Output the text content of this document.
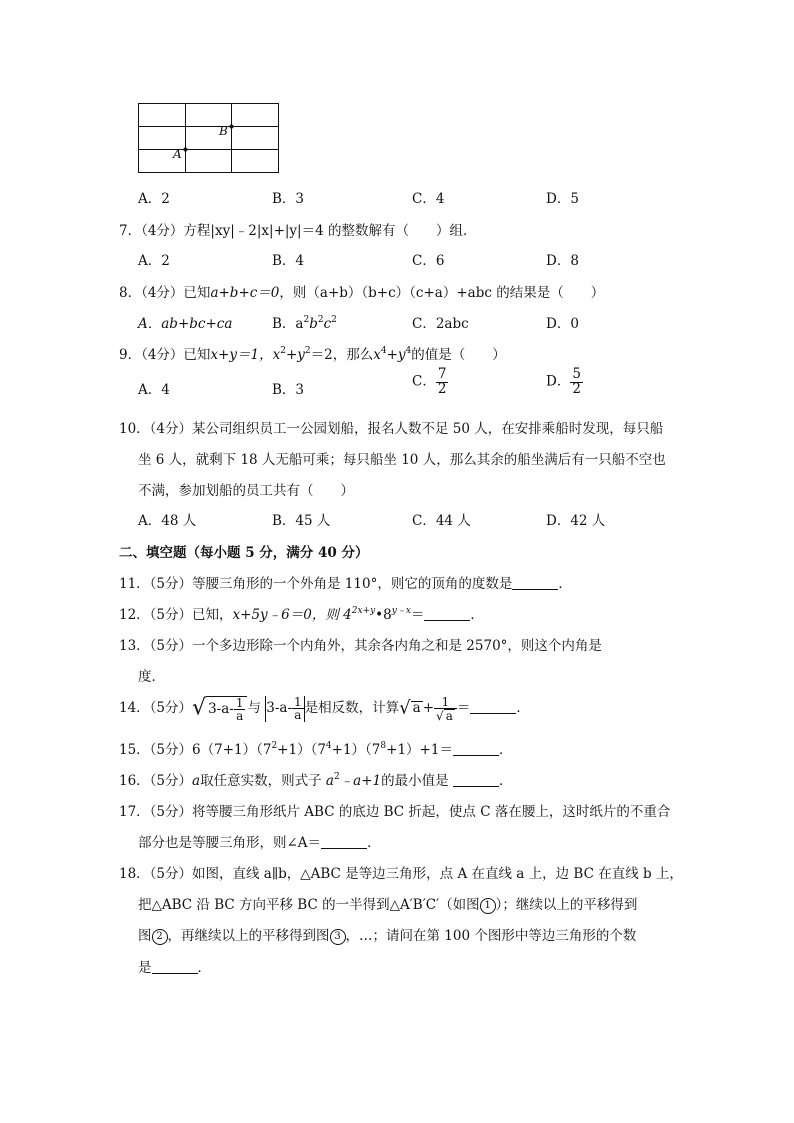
A
B
A．2	B．3	C．4	D．5
7．（4分）方程|xy|﹣2|x|+|y|＝4 的整数解有（　　）组．
A．2	B．4	C．6	D．8
8．（4分）已知a+b+c＝0，则（a+b）（b+c）（c+a）+abc 的结果是（　　）
A．ab+bc+ca	B．$a^2b^2c^2$	C．2abc	D．0
9．（4分）已知x+y＝1，$x^2+y^2=2$，那么$x^4+y^4$的值是（　　）
A．4	B．3
C． $\frac{7}{2}$	D． $\frac{5}{2}$
10．（4分）某公司组织员工一公园划船，报名人数不足 50 人，在安排乘船时发现，每只船
坐 6 人，就剩下 18 人无船可乘；每只船坐 10 人，那么其余的船坐满后有一只船不空也
不满，参加划船的员工共有（　　）
A．48 人	B．45 人	C．44 人	D．42 人
二、填空题（每小题 5 分，满分 40 分）
11．（5分）等腰三角形的一个外角是 110°，则它的顶角的度数是	．
12．（5分）已知，x+5y﹣6＝0，则 $4^{2x+y}•8^{y﹣x}=$	．
13．（5分）一个多边形除一个内角外，其余各内角之和是 2570°，则这个内角是
度．
14．（5分）√ $3-a- \frac{1}{a}$ 与 $3-a- \frac{1}{a}$ 是相反数，计算√ $a + \frac{1}{√ a}$ ＝	．
15．（5分）$6(7+1)(7^2+1)(7^4+1)(7^8+1)+1=$	．
16．（5分）a取任意实数，则式子 $a^2﹣a+1$的最小值是	．
17．（5分）将等腰三角形纸片 ABC 的底边 BC 折起，使点 C 落在腰上，这时纸片的不重合
部分也是等腰三角形，则∠A＝	．
18．（5分）如图，直线 a∥b，△ABC 是等边三角形，点 A 在直线 a 上，边 BC 在直线 b 上，
把△ABC 沿 BC 方向平移 BC 的一半得到△A′B′C′（如图 1 ）；继续以上的平移得到
图 2 ，再继续以上的平移得到图 3 ，…；请问在第 100 个图形中等边三角形的个数
是	．
